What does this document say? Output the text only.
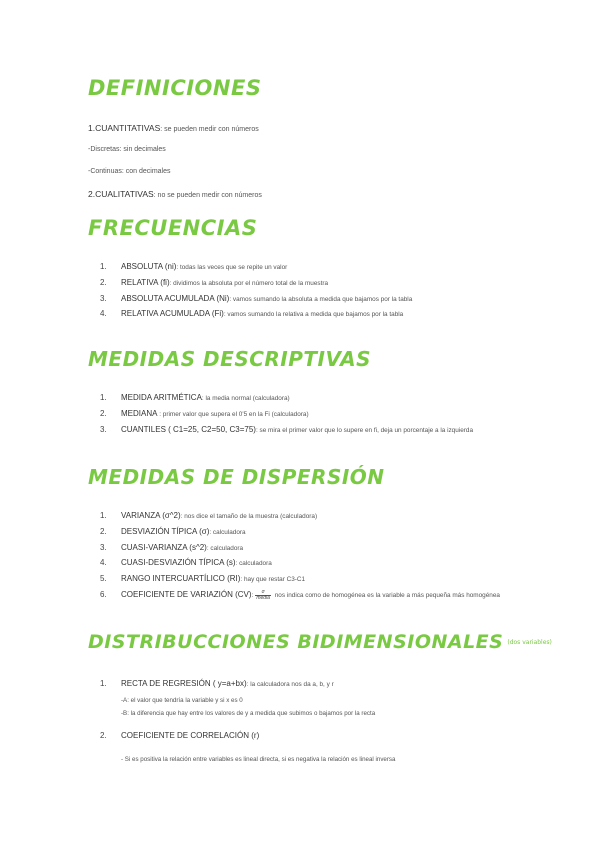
DEFINICIONES
1.CUANTITATIVAS: se pueden medir con números
-Discretas: sin decimales
-Continuas: con decimales
2.CUALITATIVAS: no se pueden medir con números
FRECUENCIAS
1. ABSOLUTA (ni): todas las veces que se repite un valor
2. RELATIVA (fi): dividimos la absoluta por el número total de la muestra
3. ABSOLUTA ACUMULADA (Ni): vamos sumando la absoluta a medida que bajamos por la tabla
4. RELATIVA ACUMULADA (Fi): vamos sumando la relativa a medida que bajamos por la tabla
MEDIDAS DESCRIPTIVAS
1. MEDIDA ARITMÉTICA: la media normal (calculadora)
2. MEDIANA : primer valor que supera el 0'5 en la Fi (calculadora)
3. CUANTILES ( C1=25, C2=50, C3=75): se mira el primer valor que lo supere en fi, deja un porcentaje a la izquierda
MEDIDAS DE DISPERSIÓN
1. VARIANZA (σ^2): nos dice el tamaño de la muestra (calculadora)
2. DESVIAZIÓN TÍPICA (σ): calculadora
3. CUASI-VARIANZA (s^2): calculadora
4. CUASI-DESVIAZIÓN TÍPICA (s): calculadora
5. RANGO INTERCUARTÍLICO (RI): hay que restar C3-C1
6. COEFICIENTE DE VARIAZIÓN (CV): $\frac{\sigma}{\text{media}}$ nos indica como de homogénea es la variable a más pequeña más homogénea
DISTRIBUCCIONES BIDIMENSIONALES (dos variables)
1. RECTA DE REGRESIÓN ( y=a+bx): la calculadora nos da a, b, y r
-A: el valor que tendría la variable y si x es 0
-B: la diferencia que hay entre los valores de y a medida que subimos o bajamos por la recta
2. COEFICIENTE DE CORRELACIÓN (r)
- Si es positiva la relación entre variables es lineal directa, si es negativa la relación es lineal inversa
